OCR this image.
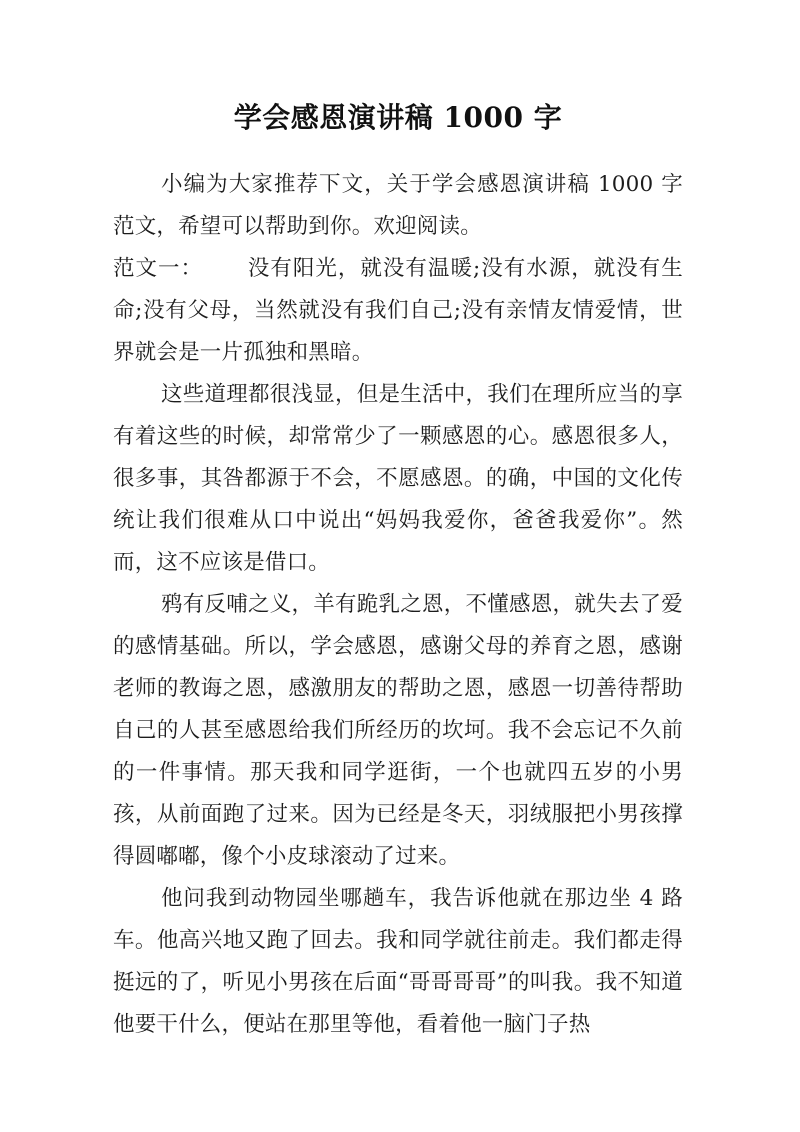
学会感恩演讲稿 1000 字

小编为大家推荐下文，关于学会感恩演讲稿 1000 字范文，希望可以帮助到你。欢迎阅读。

范文一： 没有阳光，就没有温暖;没有水源，就没有生命;没有父母，当然就没有我们自己;没有亲情友情爱情，世界就会是一片孤独和黑暗。

这些道理都很浅显，但是生活中，我们在理所应当的享有着这些的时候，却常常少了一颗感恩的心。感恩很多人，很多事，其咎都源于不会，不愿感恩。的确，中国的文化传统让我们很难从口中说出“妈妈我爱你，爸爸我爱你”。然而，这不应该是借口。

鸦有反哺之义，羊有跪乳之恩，不懂感恩，就失去了爱的感情基础。所以，学会感恩，感谢父母的养育之恩，感谢老师的教诲之恩，感激朋友的帮助之恩，感恩一切善待帮助自己的人甚至感恩给我们所经历的坎坷。我不会忘记不久前的一件事情。那天我和同学逛街，一个也就四五岁的小男孩，从前面跑了过来。因为已经是冬天，羽绒服把小男孩撑得圆嘟嘟，像个小皮球滚动了过来。

他问我到动物园坐哪趟车，我告诉他就在那边坐 4 路车。他高兴地又跑了回去。我和同学就往前走。我们都走得挺远的了，听见小男孩在后面“哥哥哥哥”的叫我。我不知道他要干什么，便站在那里等他，看着他一脑门子热
